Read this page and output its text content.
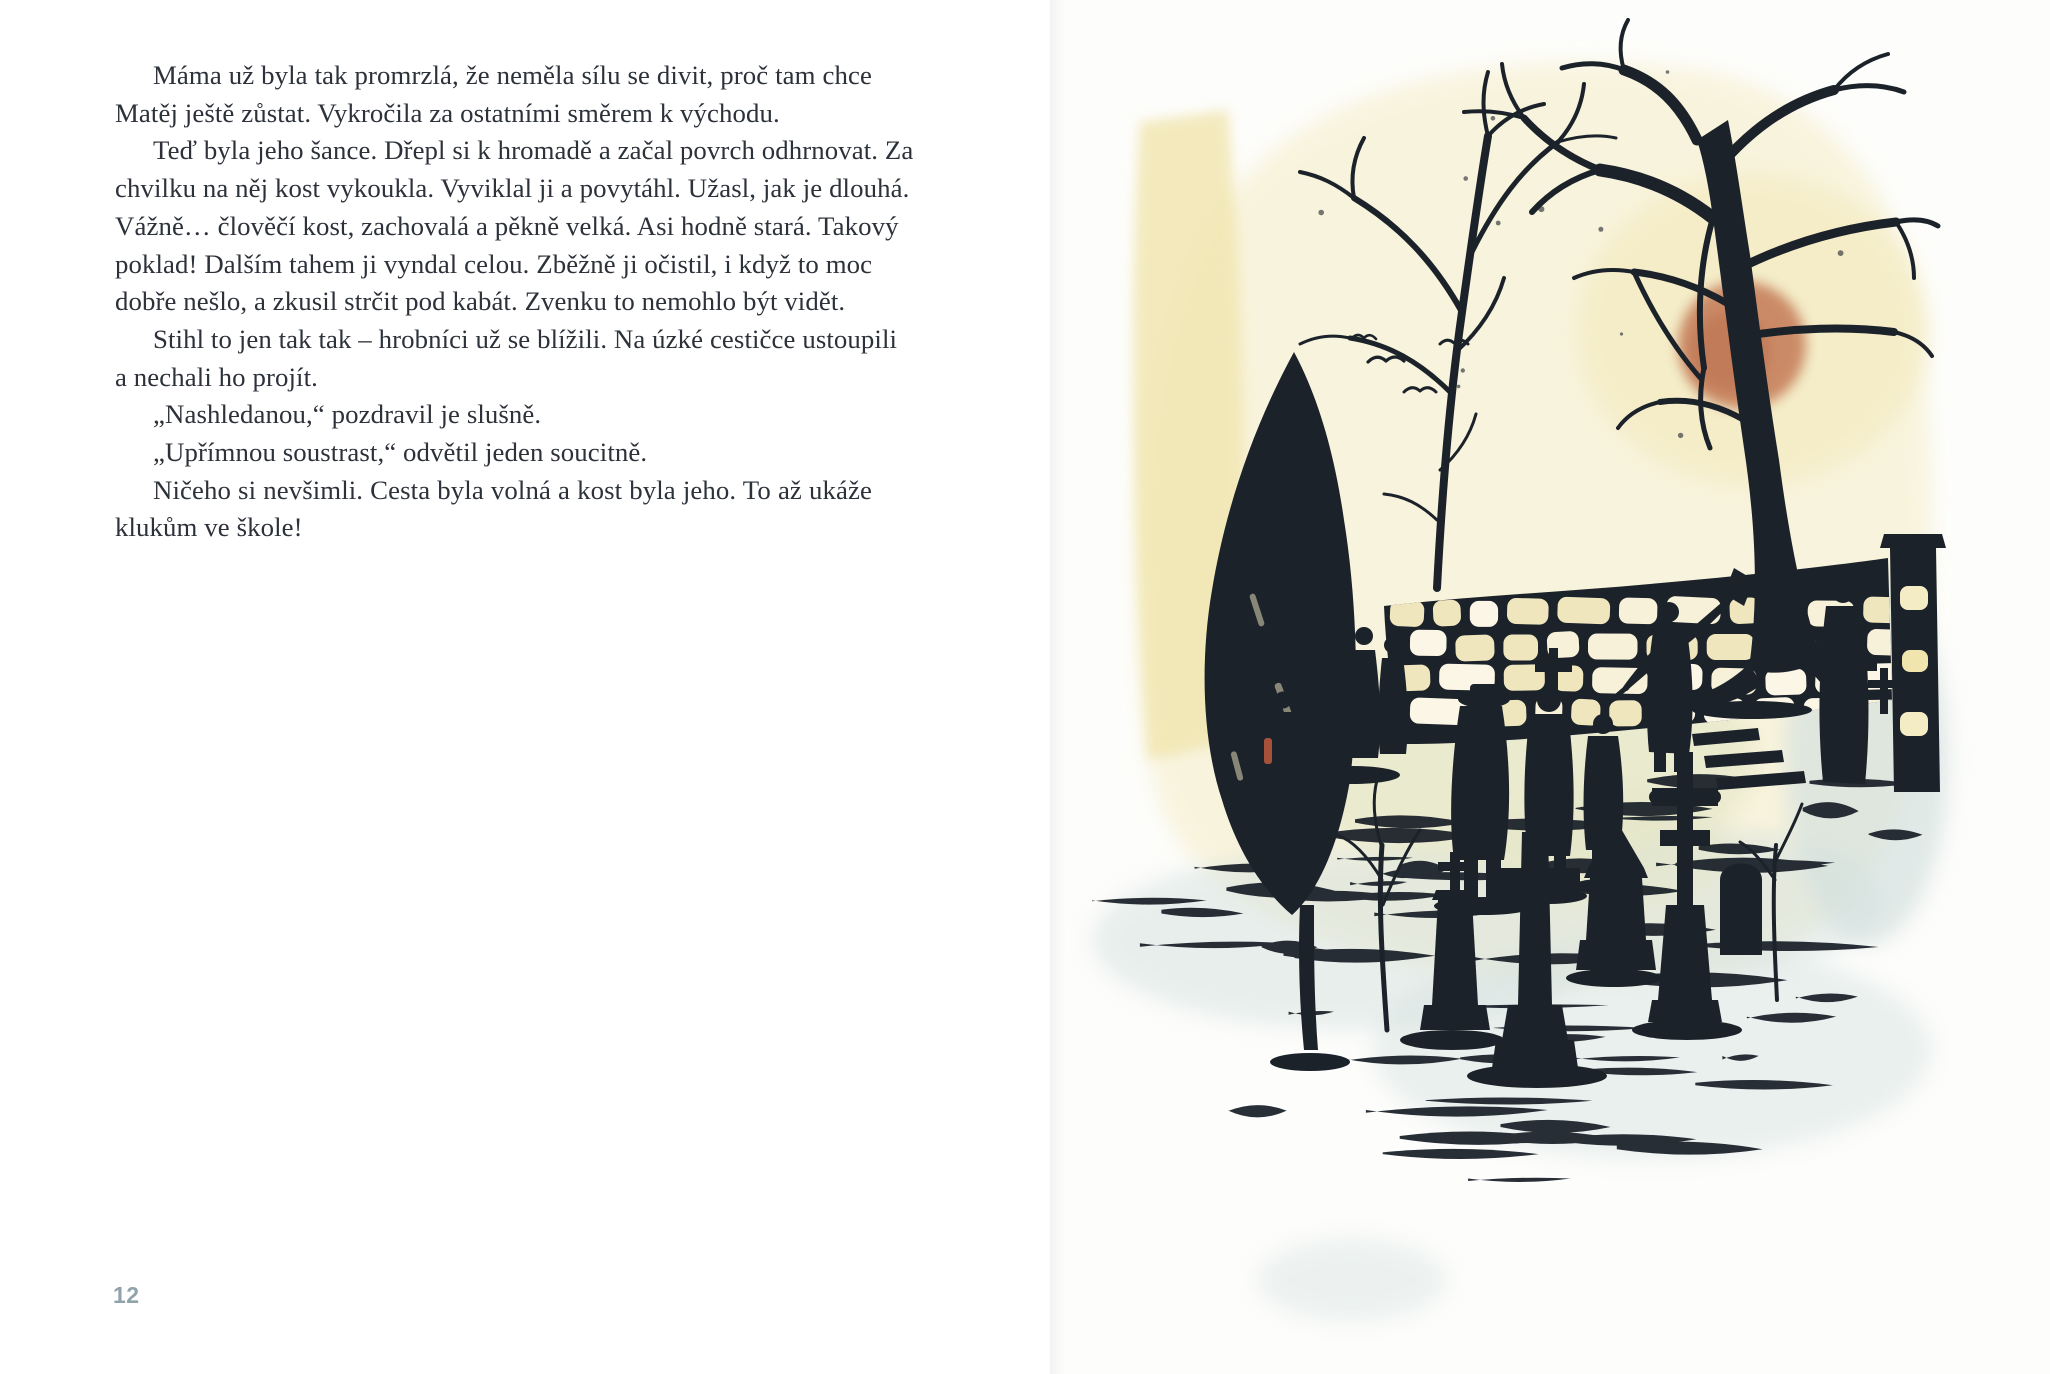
Máma už byla tak promrzlá, že neměla sílu se divit, proč tam chce
Matěj ještě zůstat. Vykročila za ostatními směrem k východu.
Teď byla jeho šance. Dřepl si k hromadě a začal povrch odhrnovat. Za
chvilku na něj kost vykoukla. Vyviklal ji a povytáhl. Užasl, jak je dlouhá.
Vážně… člověčí kost, zachovalá a pěkně velká. Asi hodně stará. Takový
poklad! Dalším tahem ji vyndal celou. Zběžně ji očistil, i když to moc
dobře nešlo, a zkusil strčit pod kabát. Zvenku to nemohlo být vidět.
Stihl to jen tak tak – hrobníci už se blížili. Na úzké cestičce ustoupili
a nechali ho projít.
„Nashledanou,“ pozdravil je slušně.
„Upřímnou soustrast,“ odvětil jeden soucitně.
Ničeho si nevšimli. Cesta byla volná a kost byla jeho. To až ukáže
klukům ve škole!
12
